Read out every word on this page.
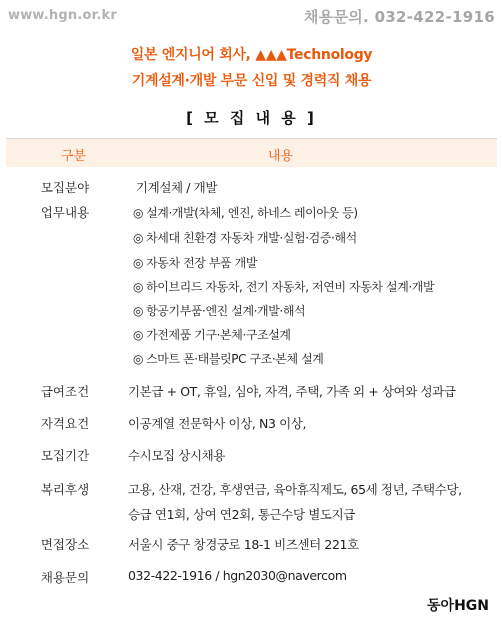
www.hgn.or.kr	채용문의. 032-422-1916
일본 엔지니어 회사, ▲▲▲Technology
기계설계·개발 부문 신입 및 경력직 채용
[ 모 집 내 용 ]
구분	내용
모집분야	기계설체 / 개발
업무내용	◎ 설계·개발(차체, 엔진, 하네스 레이아웃 등)
◎ 차세대 친환경 자동차 개발·실험·검증·해석
◎ 자동차 전장 부품 개발
◎ 하이브리드 자동차, 전기 자동차, 저연비 자동차 설계·개발
◎ 항공기부품·엔진 설계·개발·해석
◎ 가전제품 기구·본체·구조설계
◎ 스마트 폰·태블릿PC 구조·본체 설계
급여조건	기본급 + OT, 휴일, 심야, 자격, 주택, 가족 외 + 상여와 성과급
자격요건	이공계열 전문학사 이상, N3 이상,
모집기간	수시모집 상시채용
복리후생	고용, 산재, 건강, 후생연금, 육아휴직제도, 65세 정년, 주택수당,
승급 연1회, 상여 연2회, 통근수당 별도지급
면접장소	서울시 중구 창경궁로 18-1 비즈센터 221호
채용문의	032-422-1916 / hgn2030@navercom
동아HGN
